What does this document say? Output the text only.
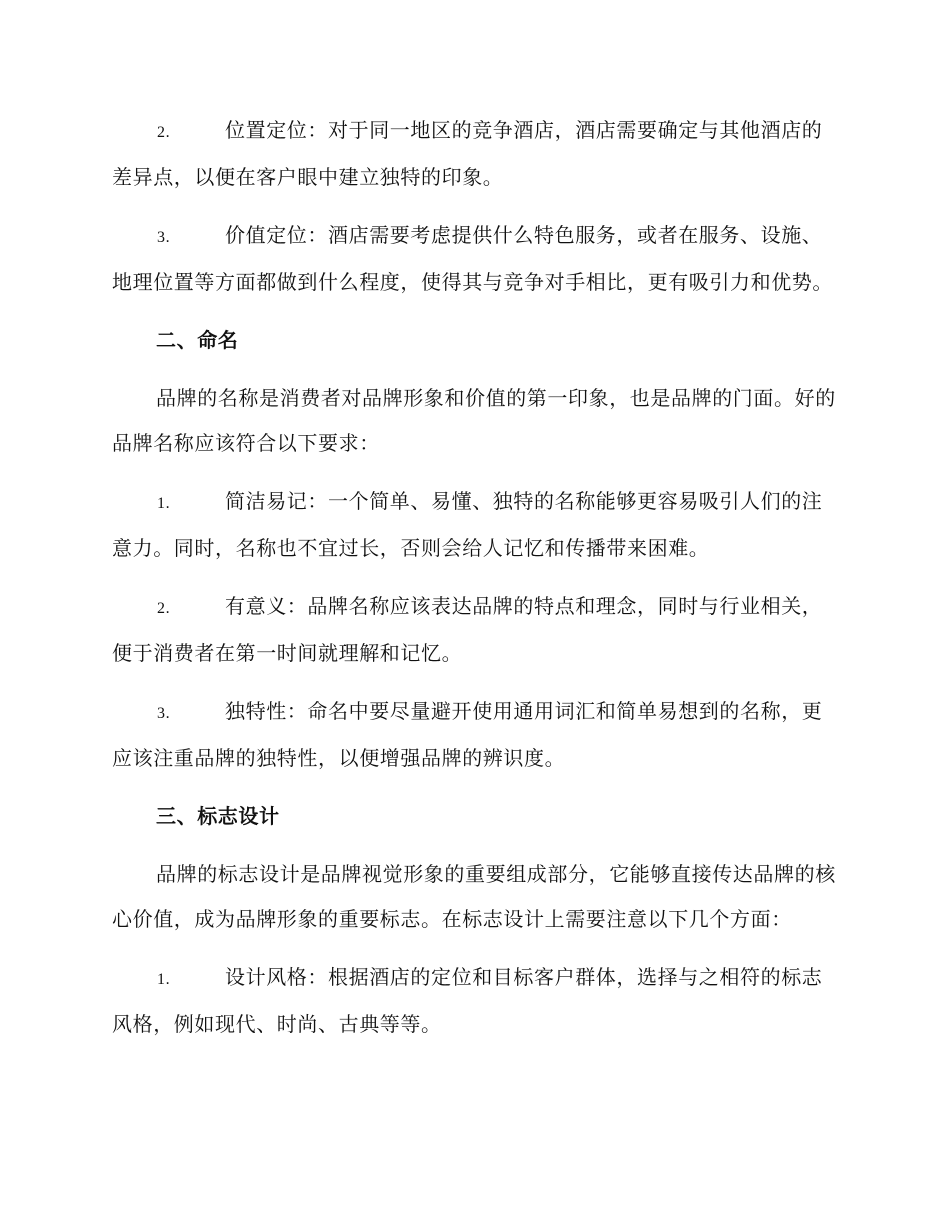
2.	位置定位：对于同一地区的竞争酒店，酒店需要确定与其他酒店的差异点，以便在客户眼中建立独特的印象。

3.	价值定位：酒店需要考虑提供什么特色服务，或者在服务、设施、地理位置等方面都做到什么程度，使得其与竞争对手相比，更有吸引力和优势。

二、命名

品牌的名称是消费者对品牌形象和价值的第一印象，也是品牌的门面。好的品牌名称应该符合以下要求：

1.	简洁易记：一个简单、易懂、独特的名称能够更容易吸引人们的注意力。同时，名称也不宜过长，否则会给人记忆和传播带来困难。

2.	有意义：品牌名称应该表达品牌的特点和理念，同时与行业相关，便于消费者在第一时间就理解和记忆。

3.	独特性：命名中要尽量避开使用通用词汇和简单易想到的名称，更应该注重品牌的独特性，以便增强品牌的辨识度。

三、标志设计

品牌的标志设计是品牌视觉形象的重要组成部分，它能够直接传达品牌的核心价值，成为品牌形象的重要标志。在标志设计上需要注意以下几个方面：

1.	设计风格：根据酒店的定位和目标客户群体，选择与之相符的标志风格，例如现代、时尚、古典等等。
